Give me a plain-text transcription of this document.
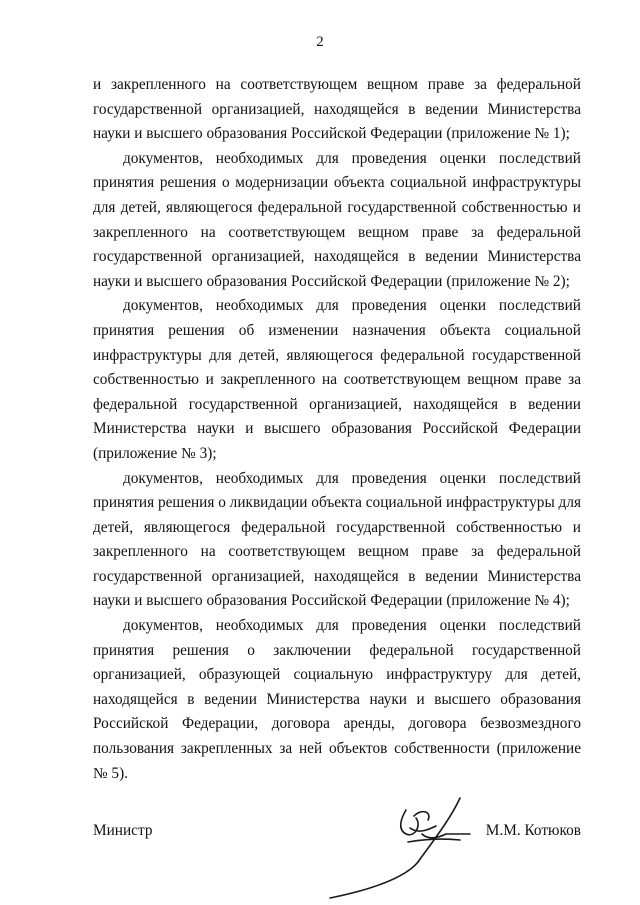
2

и закрепленного на соответствующем вещном праве за федеральной государственной организацией, находящейся в ведении Министерства науки и высшего образования Российской Федерации (приложение № 1);

документов, необходимых для проведения оценки последствий принятия решения о модернизации объекта социальной инфраструктуры для детей, являющегося федеральной государственной собственностью и закрепленного на соответствующем вещном праве за федеральной государственной организацией, находящейся в ведении Министерства науки и высшего образования Российской Федерации (приложение № 2);

документов, необходимых для проведения оценки последствий принятия решения об изменении назначения объекта социальной инфраструктуры для детей, являющегося федеральной государственной собственностью и закрепленного на соответствующем вещном праве за федеральной государственной организацией, находящейся в ведении Министерства науки и высшего образования Российской Федерации (приложение № 3);

документов, необходимых для проведения оценки последствий принятия решения о ликвидации объекта социальной инфраструктуры для детей, являющегося федеральной государственной собственностью и закрепленного на соответствующем вещном праве за федеральной государственной организацией, находящейся в ведении Министерства науки и высшего образования Российской Федерации (приложение № 4);

документов, необходимых для проведения оценки последствий принятия решения о заключении федеральной государственной организацией, образующей социальную инфраструктуру для детей, находящейся в ведении Министерства науки и высшего образования Российской Федерации, договора аренды, договора безвозмездного пользования закрепленных за ней объектов собственности (приложение № 5).

Министр	М.М. Котюков
